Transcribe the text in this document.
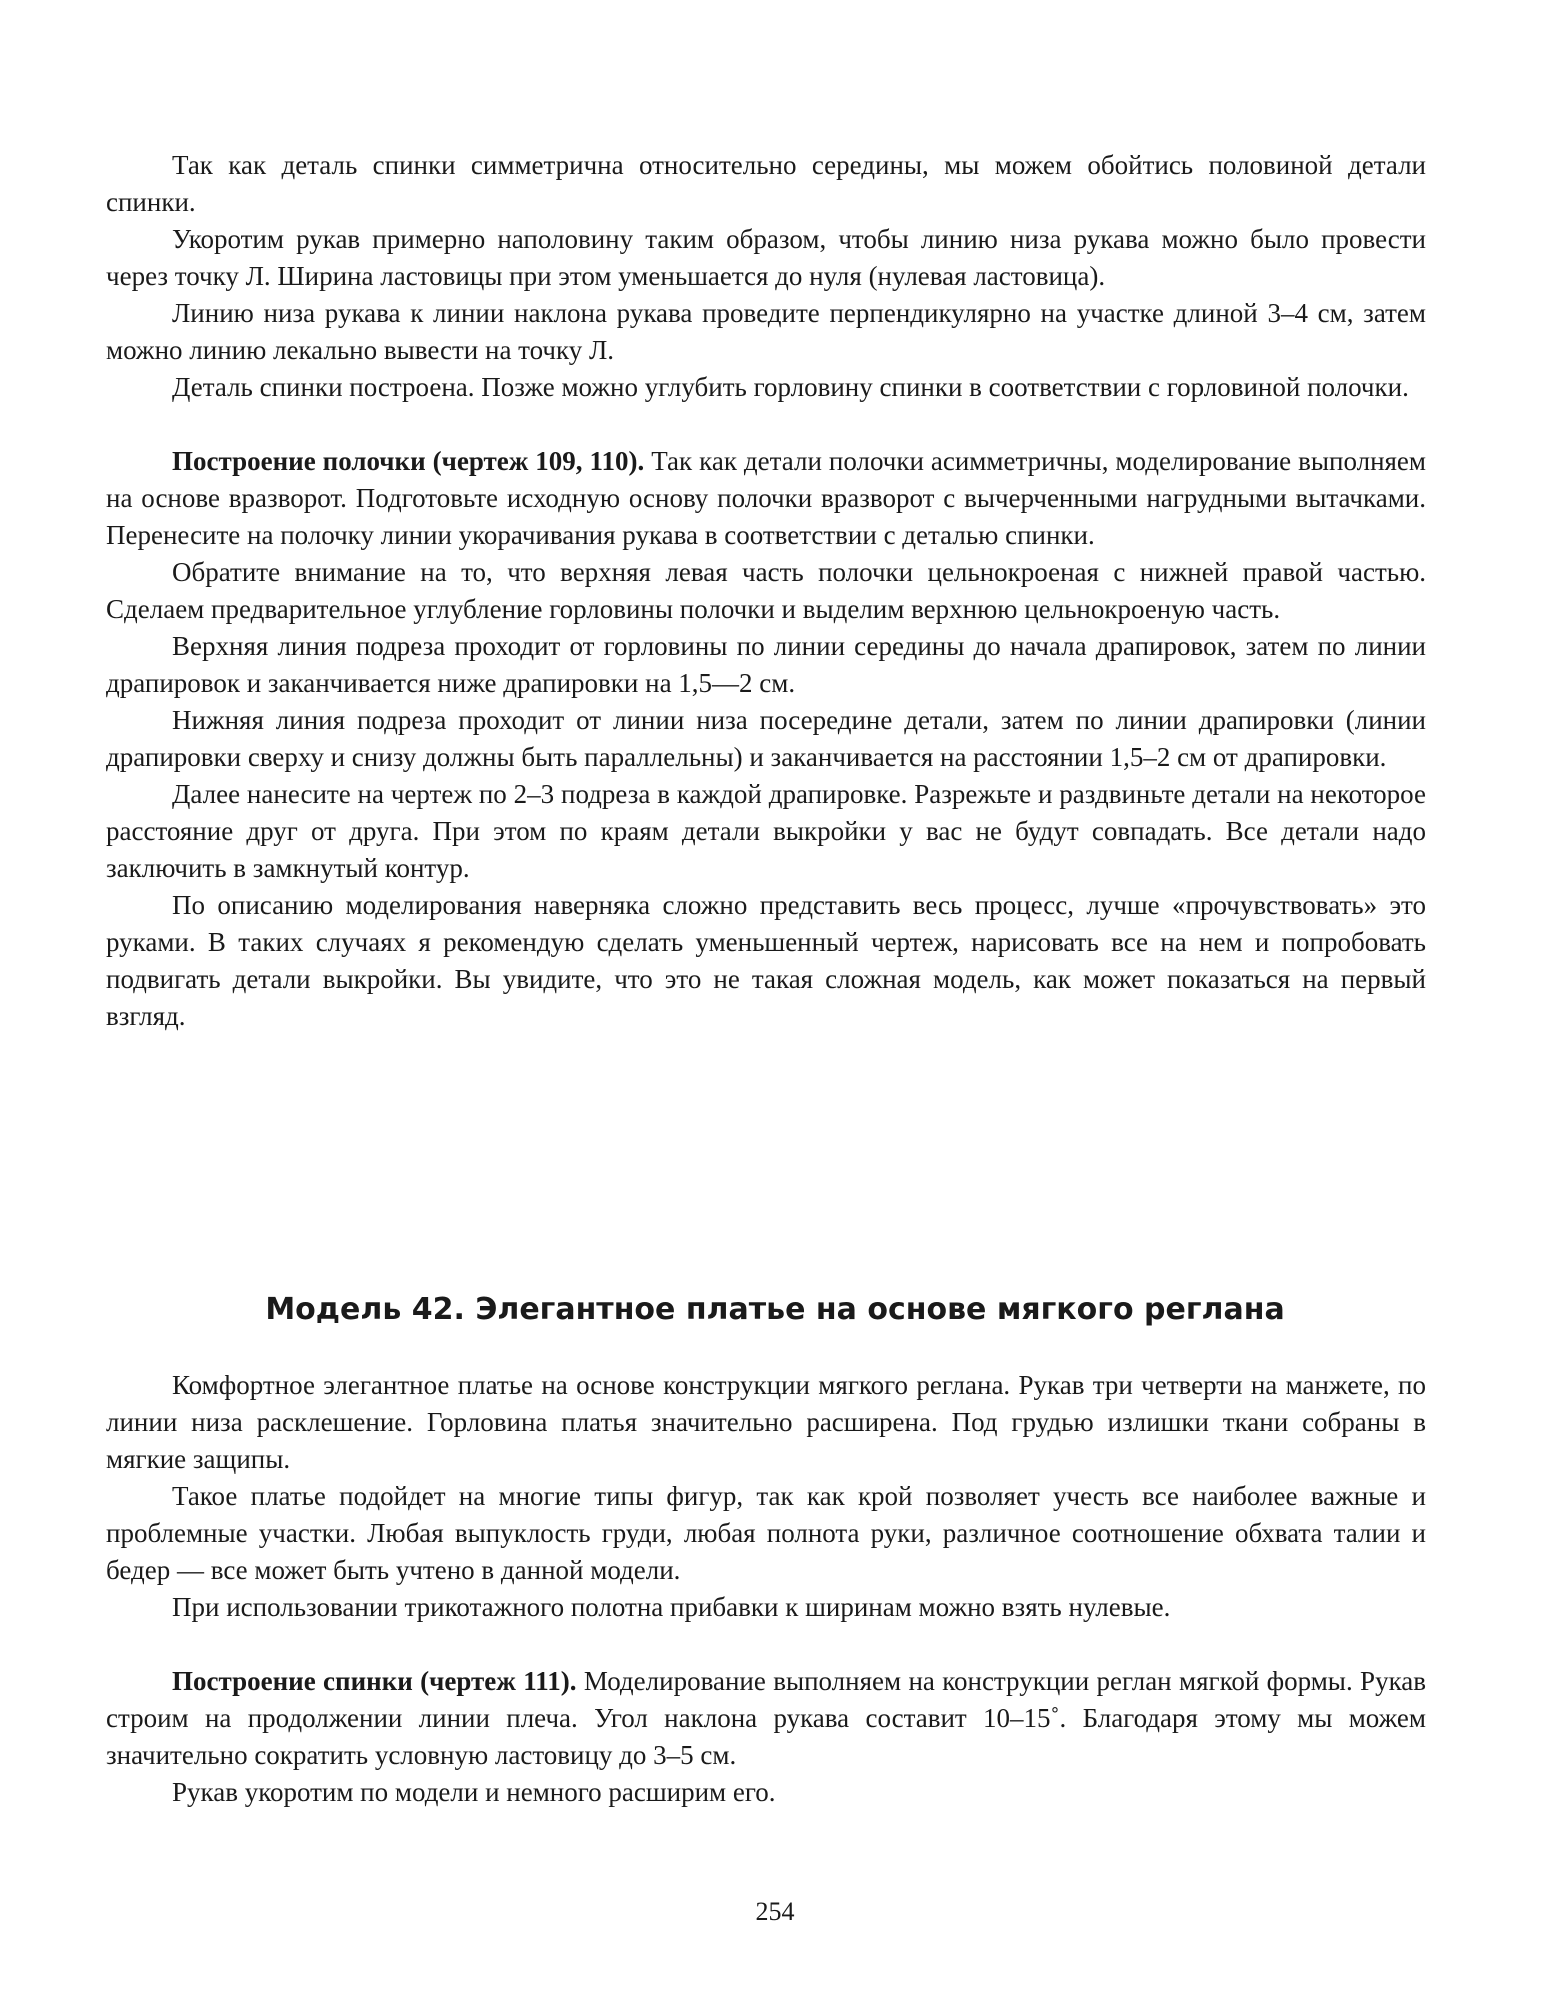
Так как деталь спинки симметрична относительно середины, мы можем обойтись половиной детали спинки.

Укоротим рукав примерно наполовину таким образом, чтобы линию низа рукава можно было провести через точку Л. Ширина ластовицы при этом уменьшается до нуля (нулевая ластовица).

Линию низа рукава к линии наклона рукава проведите перпендикулярно на участке длиной 3–4 см, затем можно линию лекально вывести на точку Л.

Деталь спинки построена. Позже можно углубить горловину спинки в соответствии с горловиной полочки.

Построение полочки (чертеж 109, 110). Так как детали полочки асимметричны, моделирование выполняем на основе вразворот. Подготовьте исходную основу полочки вразворот с вычерченными нагрудными вытачками. Перенесите на полочку линии укорачивания рукава в соответствии с деталью спинки.

Обратите внимание на то, что верхняя левая часть полочки цельнокроеная с нижней правой частью. Сделаем предварительное углубление горловины полочки и выделим верхнюю цельнокроеную часть.

Верхняя линия подреза проходит от горловины по линии середины до начала драпировок, затем по линии драпировок и заканчивается ниже драпировки на 1,5—2 см.

Нижняя линия подреза проходит от линии низа посередине детали, затем по линии драпировки (линии драпировки сверху и снизу должны быть параллельны) и заканчивается на расстоянии 1,5–2 см от драпировки.

Далее нанесите на чертеж по 2–3 подреза в каждой драпировке. Разрежьте и раздвиньте детали на некоторое расстояние друг от друга. При этом по краям детали выкройки у вас не будут совпадать. Все детали надо заключить в замкнутый контур.

По описанию моделирования наверняка сложно представить весь процесс, лучше «прочувствовать» это руками. В таких случаях я рекомендую сделать уменьшенный чертеж, нарисовать все на нем и попробовать подвигать детали выкройки. Вы увидите, что это не такая сложная модель, как может показаться на первый взгляд.

Модель 42. Элегантное платье на основе мягкого реглана

Комфортное элегантное платье на основе конструкции мягкого реглана. Рукав три четверти на манжете, по линии низа расклешение. Горловина платья значительно расширена. Под грудью излишки ткани собраны в мягкие защипы.

Такое платье подойдет на многие типы фигур, так как крой позволяет учесть все наиболее важные и проблемные участки. Любая выпуклость груди, любая полнота руки, различное соотношение обхвата талии и бедер — все может быть учтено в данной модели.

При использовании трикотажного полотна прибавки к ширинам можно взять нулевые.

Построение спинки (чертеж 111). Моделирование выполняем на конструкции реглан мягкой формы. Рукав строим на продолжении линии плеча. Угол наклона рукава составит 10–15˚. Благодаря этому мы можем значительно сократить условную ластовицу до 3–5 см.

Рукав укоротим по модели и немного расширим его.

254
